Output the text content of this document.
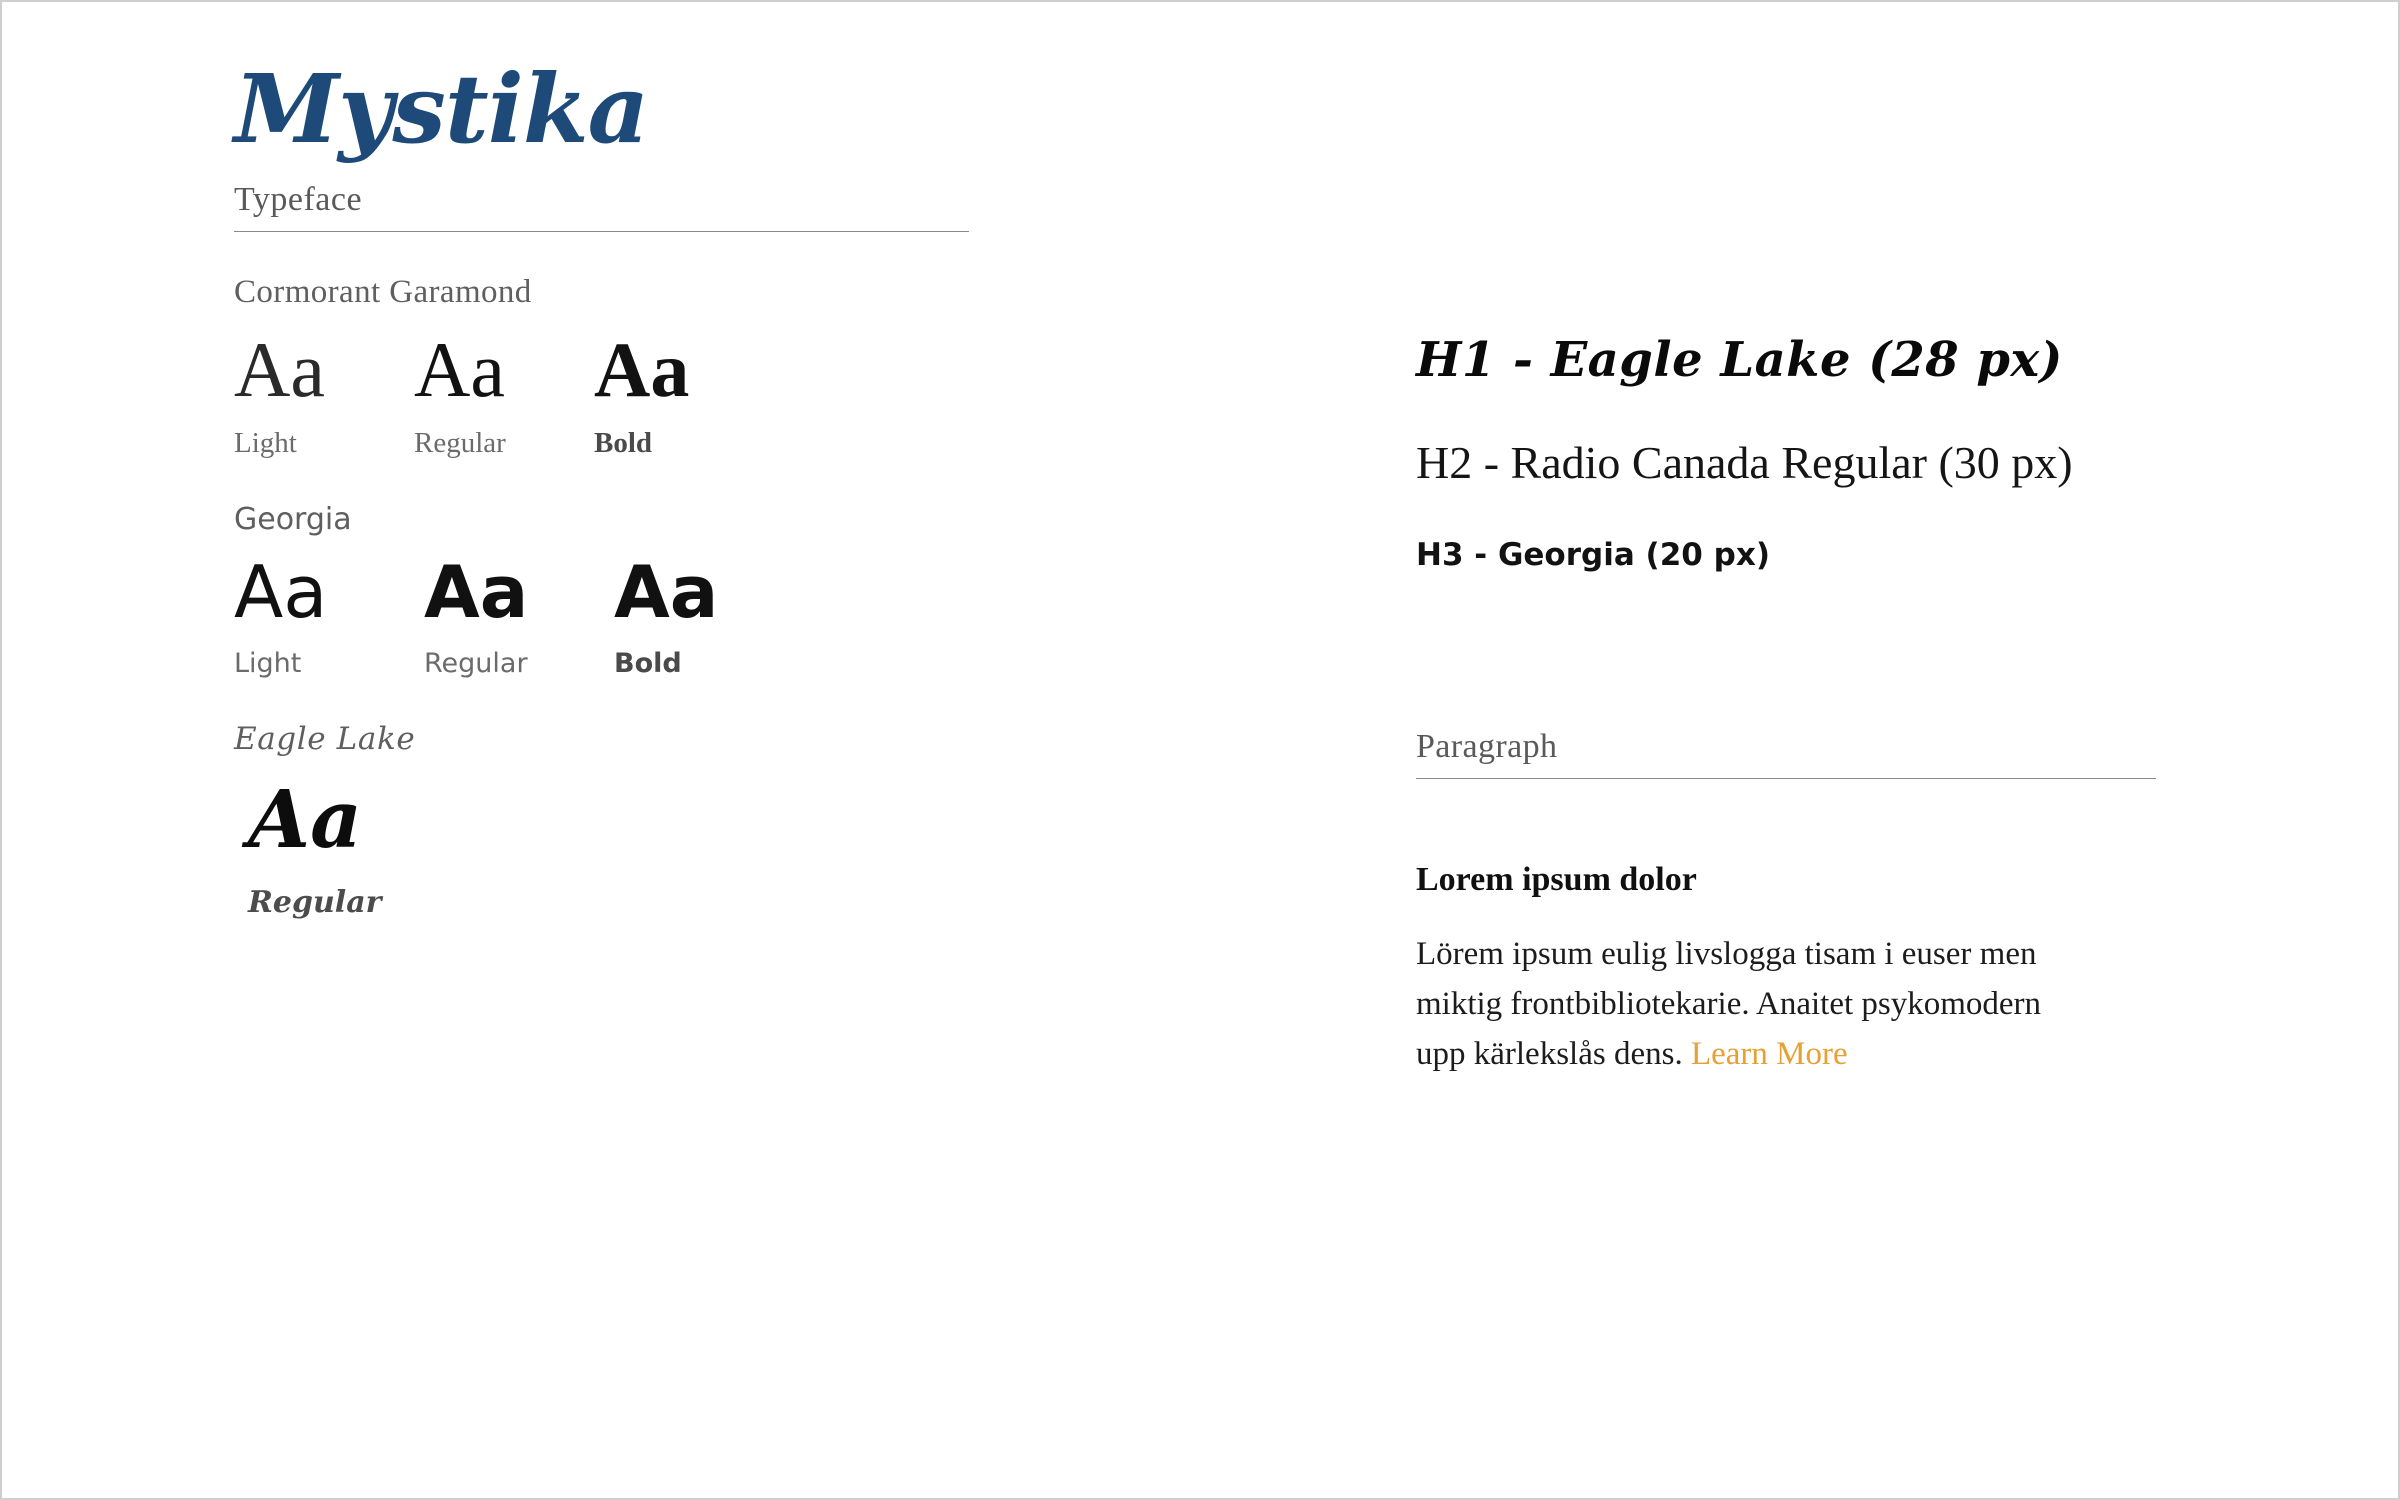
Mystika
Typeface
Cormorant Garamond
Aa
Light
Aa
Regular
Aa
Bold
Georgia
Aa
Light
Aa
Regular
Aa
Bold
Eagle Lake
Aa
Regular
H1 - Eagle Lake (28 px)
H2 - Radio Canada Regular (30 px)
H3 - Georgia (20 px)
Paragraph
Lorem ipsum dolor
Lörem ipsum eulig livslogga tisam i euser men miktig frontbibliotekarie. Anaitet psykomodern upp kärlekslås dens. Learn More
